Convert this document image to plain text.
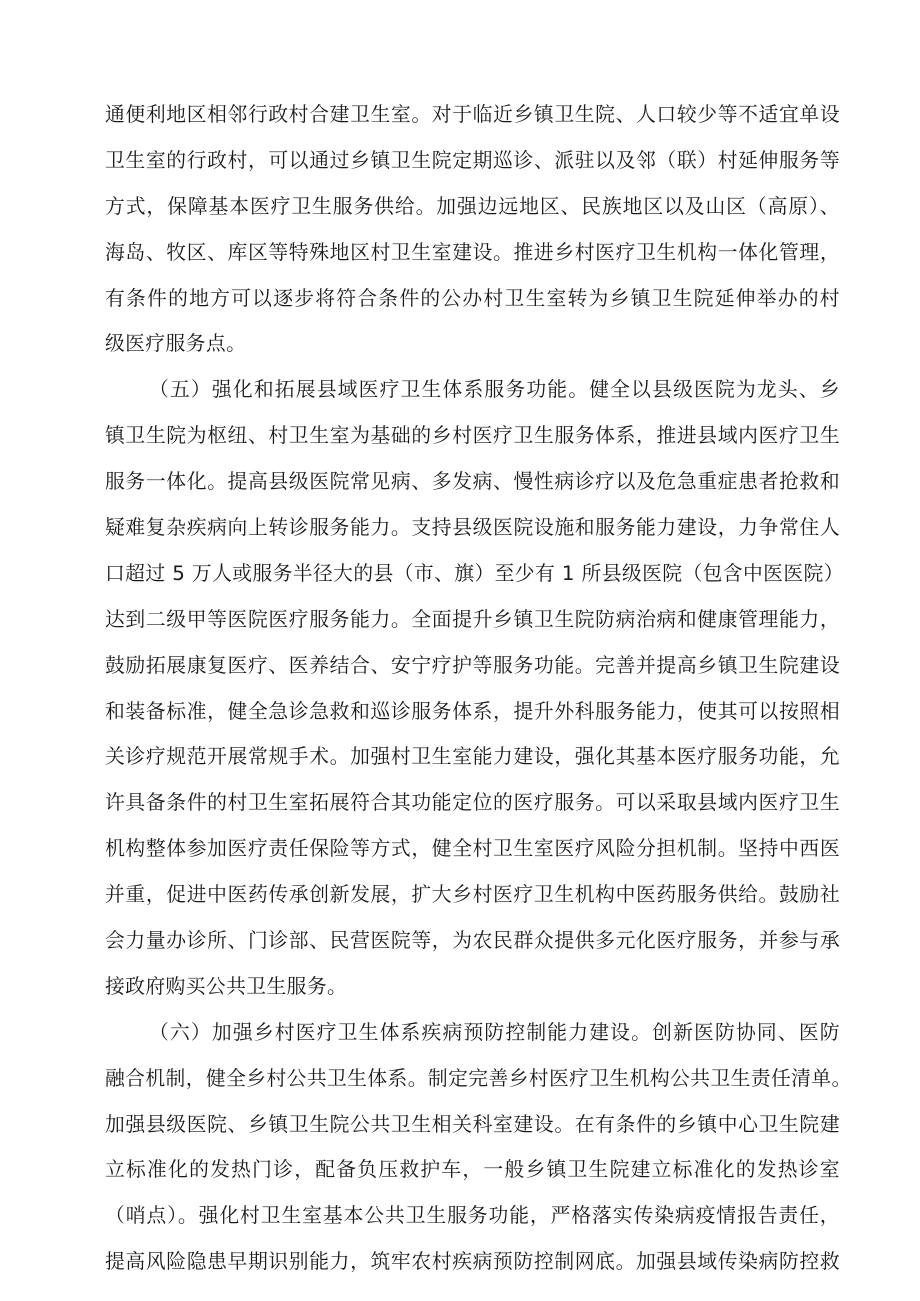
通便利地区相邻行政村合建卫生室。对于临近乡镇卫生院、人口较少等不适宜单设
卫生室的行政村，可以通过乡镇卫生院定期巡诊、派驻以及邻（联）村延伸服务等
方式，保障基本医疗卫生服务供给。加强边远地区、民族地区以及山区（高原）、
海岛、牧区、库区等特殊地区村卫生室建设。推进乡村医疗卫生机构一体化管理，
有条件的地方可以逐步将符合条件的公办村卫生室转为乡镇卫生院延伸举办的村
级医疗服务点。
（五）强化和拓展县域医疗卫生体系服务功能。健全以县级医院为龙头、乡
镇卫生院为枢纽、村卫生室为基础的乡村医疗卫生服务体系，推进县域内医疗卫生
服务一体化。提高县级医院常见病、多发病、慢性病诊疗以及危急重症患者抢救和
疑难复杂疾病向上转诊服务能力。支持县级医院设施和服务能力建设，力争常住人
口超过 5 万人或服务半径大的县（市、旗）至少有 1 所县级医院（包含中医医院）
达到二级甲等医院医疗服务能力。全面提升乡镇卫生院防病治病和健康管理能力，
鼓励拓展康复医疗、医养结合、安宁疗护等服务功能。完善并提高乡镇卫生院建设
和装备标准，健全急诊急救和巡诊服务体系，提升外科服务能力，使其可以按照相
关诊疗规范开展常规手术。加强村卫生室能力建设，强化其基本医疗服务功能，允
许具备条件的村卫生室拓展符合其功能定位的医疗服务。可以采取县域内医疗卫生
机构整体参加医疗责任保险等方式，健全村卫生室医疗风险分担机制。坚持中西医
并重，促进中医药传承创新发展，扩大乡村医疗卫生机构中医药服务供给。鼓励社
会力量办诊所、门诊部、民营医院等，为农民群众提供多元化医疗服务，并参与承
接政府购买公共卫生服务。
（六）加强乡村医疗卫生体系疾病预防控制能力建设。创新医防协同、医防
融合机制，健全乡村公共卫生体系。制定完善乡村医疗卫生机构公共卫生责任清单。
加强县级医院、乡镇卫生院公共卫生相关科室建设。在有条件的乡镇中心卫生院建
立标准化的发热门诊，配备负压救护车，一般乡镇卫生院建立标准化的发热诊室
（哨点）。强化村卫生室基本公共卫生服务功能，严格落实传染病疫情报告责任，
提高风险隐患早期识别能力，筑牢农村疾病预防控制网底。加强县域传染病防控救
